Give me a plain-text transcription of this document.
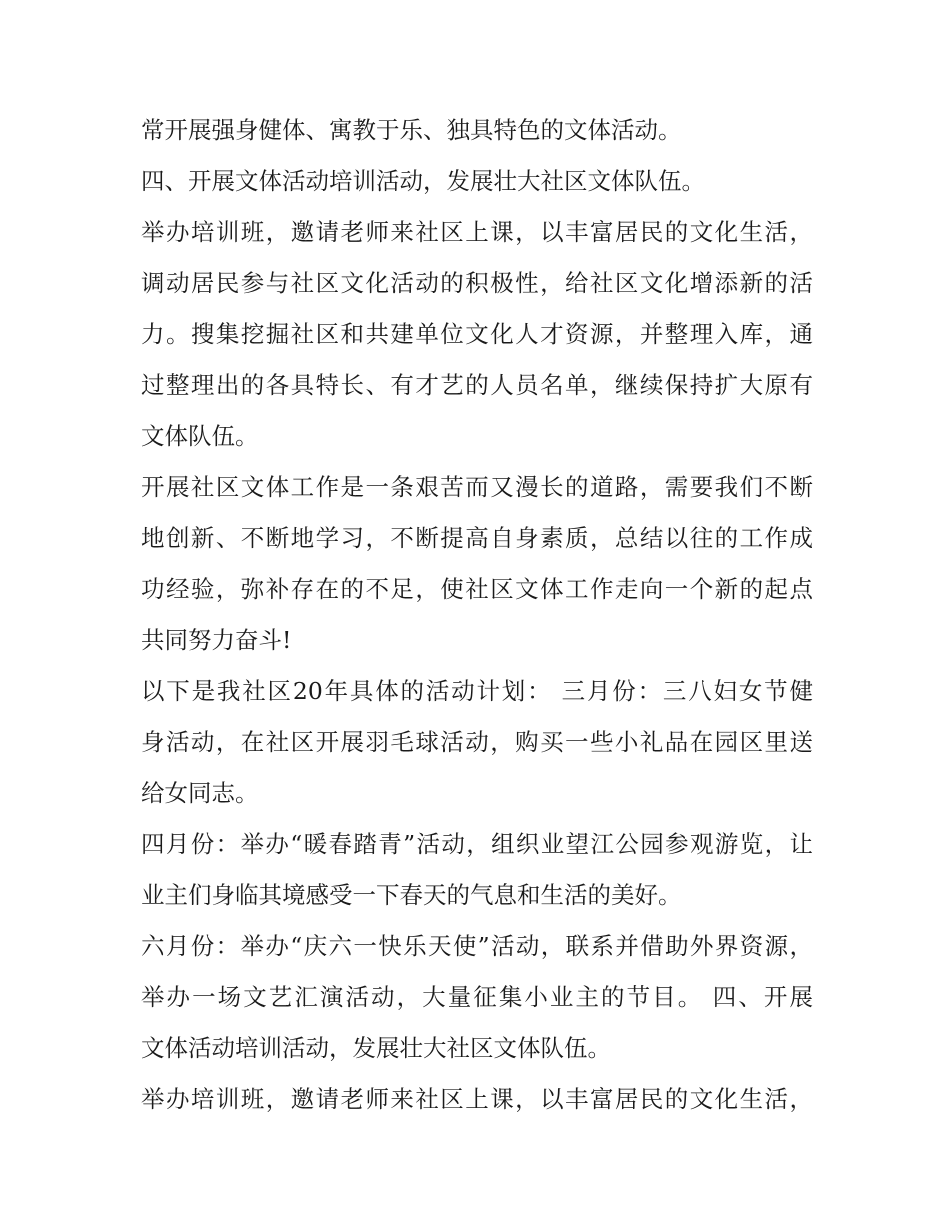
常开展强身健体、寓教于乐、独具特色的文体活动。
四、开展文体活动培训活动，发展壮大社区文体队伍。
举办培训班，邀请老师来社区上课，以丰富居民的文化生活，
调动居民参与社区文化活动的积极性，给社区文化增添新的活
力。搜集挖掘社区和共建单位文化人才资源，并整理入库，通
过整理出的各具特长、有才艺的人员名单，继续保持扩大原有
文体队伍。
开展社区文体工作是一条艰苦而又漫长的道路，需要我们不断
地创新、不断地学习，不断提高自身素质，总结以往的工作成
功经验，弥补存在的不足，使社区文体工作走向一个新的起点
共同努力奋斗!
以下是我社区20年具体的活动计划： 三月份：三八妇女节健
身活动，在社区开展羽毛球活动，购买一些小礼品在园区里送
给女同志。
四月份：举办“暖春踏青”活动，组织业望江公园参观游览，让
业主们身临其境感受一下春天的气息和生活的美好。
六月份：举办“庆六一快乐天使”活动，联系并借助外界资源，
举办一场文艺汇演活动，大量征集小业主的节目。 四、开展
文体活动培训活动，发展壮大社区文体队伍。
举办培训班，邀请老师来社区上课，以丰富居民的文化生活，
